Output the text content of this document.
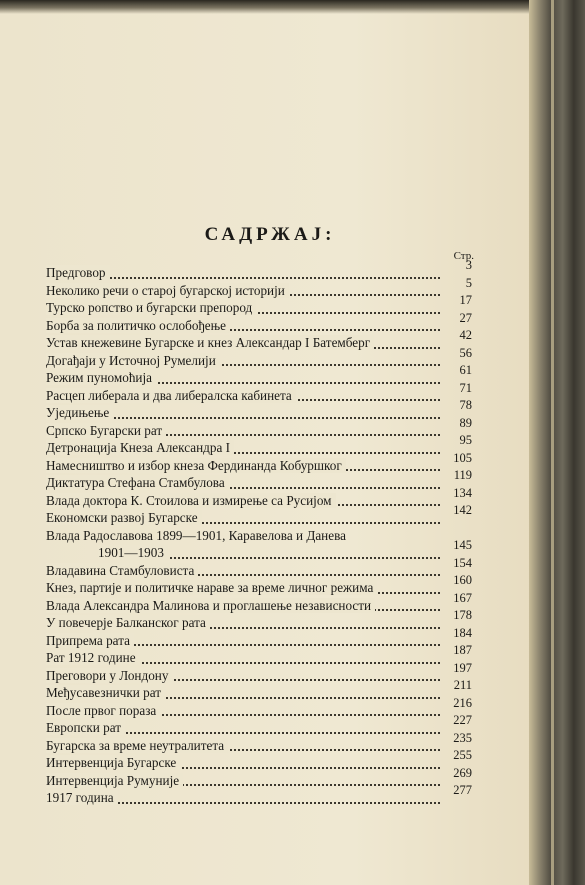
САДРЖАЈ:
Стр.
Предговор	3
Неколико речи о старој бугарској историји	5
Турско ропство и бугарски препород	17
Борба за политичко ослобођење	27
Устав кнежевине Бугарске и кнез Александар I Батемберг	42
Догађаји у Источној Румелији	56
Режим пуномоћија	61
Расцеп либерала и два либералска кабинета	71
Уједињење	78
Српско Бугарски рат	89
Детронација Кнеза Александра I	95
Намесништво и избор кнеза Фердинанда Кобуршког	105
Диктатура Стефана Стамбулова	119
Влада доктора К. Стоилова и измирење са Русијом	134
Економски развој Бугарске	142
Влада Радославова 1899—1901, Каравелова и Данева
1901—1903	145
Владавина Стамбуловиста	154
Кнез, партије и политичке нараве за време личног режима	160
Влада Александра Малинова и проглашење независности	167
У повечерје Балканског рата	178
Припрема рата	184
Рат 1912 године	187
Преговори у Лондону	197
Међусавезнички рат	211
После првог пораза	216
Европски рат	227
Бугарска за време неутралитета	235
Интервенција Бугарске	255
Интервенција Румуније	269
1917 година	277
